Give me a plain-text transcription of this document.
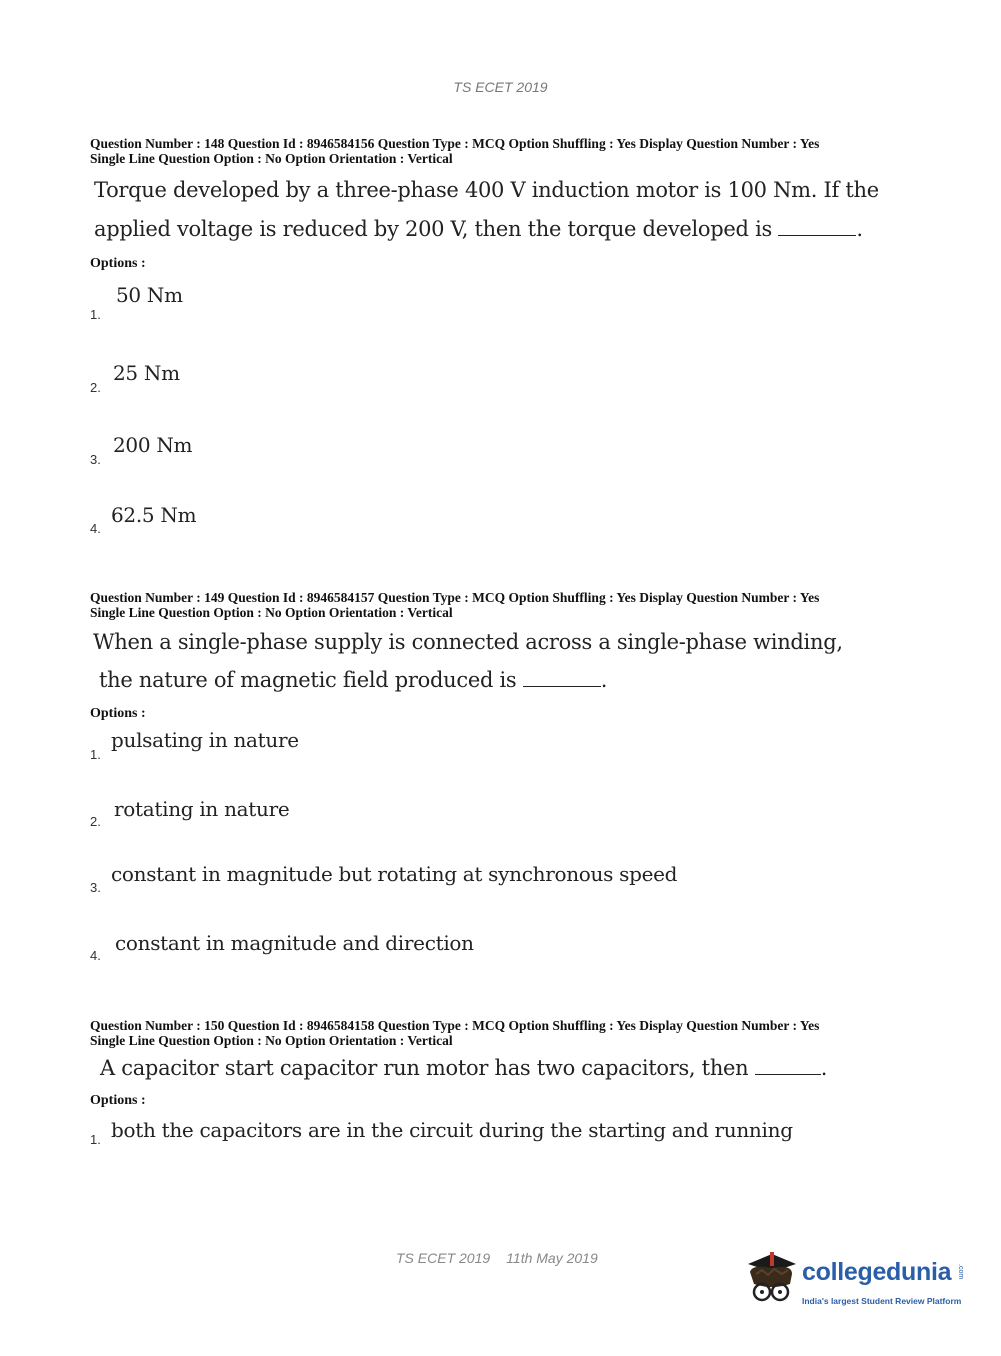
TS ECET 2019
Question Number : 148 Question Id : 8946584156 Question Type : MCQ Option Shuffling : Yes Display Question Number : Yes
Single Line Question Option : No Option Orientation : Vertical
Torque developed by a three-phase 400 V induction motor is 100 Nm. If the
applied voltage is reduced by 200 V, then the torque developed is	.
Options :
50 Nm
1.
25 Nm
2.
200 Nm
3.
62.5 Nm
4.
Question Number : 149 Question Id : 8946584157 Question Type : MCQ Option Shuffling : Yes Display Question Number : Yes
Single Line Question Option : No Option Orientation : Vertical
When a single-phase supply is connected across a single-phase winding,
the nature of magnetic field produced is	.
Options :
pulsating in nature
1.
rotating in nature
2.
constant in magnitude but rotating at synchronous speed
3.
constant in magnitude and direction
4.
Question Number : 150 Question Id : 8946584158 Question Type : MCQ Option Shuffling : Yes Display Question Number : Yes
Single Line Question Option : No Option Orientation : Vertical
A capacitor start capacitor run motor has two capacitors, then	.
Options :
both the capacitors are in the circuit during the starting and running
1.
TS ECET 2019 11th May 2019	collegedunia .com
India's largest Student Review Platform
